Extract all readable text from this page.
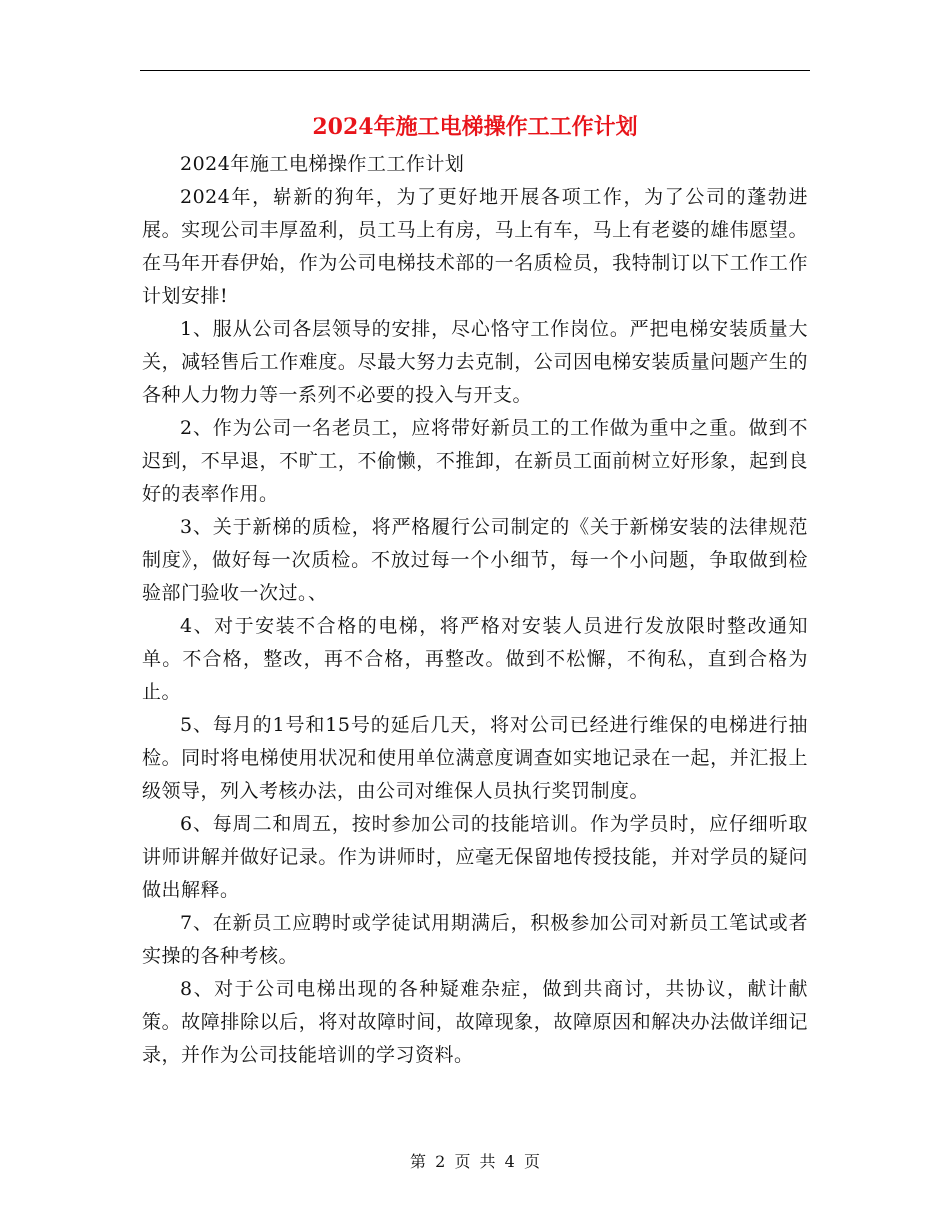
2024年施工电梯操作工工作计划

2024年施工电梯操作工工作计划

2024年，崭新的狗年，为了更好地开展各项工作，为了公司的蓬勃进展。实现公司丰厚盈利，员工马上有房，马上有车，马上有老婆的雄伟愿望。在马年开春伊始，作为公司电梯技术部的一名质检员，我特制订以下工作工作计划安排!

1、服从公司各层领导的安排，尽心恪守工作岗位。严把电梯安装质量大关，减轻售后工作难度。尽最大努力去克制，公司因电梯安装质量问题产生的各种人力物力等一系列不必要的投入与开支。

2、作为公司一名老员工，应将带好新员工的工作做为重中之重。做到不迟到，不早退，不旷工，不偷懒，不推卸，在新员工面前树立好形象，起到良好的表率作用。

3、关于新梯的质检，将严格履行公司制定的《关于新梯安装的法律规范制度》，做好每一次质检。不放过每一个小细节，每一个小问题，争取做到检验部门验收一次过。、

4、对于安装不合格的电梯，将严格对安装人员进行发放限时整改通知单。不合格，整改，再不合格，再整改。做到不松懈，不徇私，直到合格为止。

5、每月的1号和15号的延后几天，将对公司已经进行维保的电梯进行抽检。同时将电梯使用状况和使用单位满意度调查如实地记录在一起，并汇报上级领导，列入考核办法，由公司对维保人员执行奖罚制度。

6、每周二和周五，按时参加公司的技能培训。作为学员时，应仔细听取讲师讲解并做好记录。作为讲师时，应毫无保留地传授技能，并对学员的疑问做出解释。

7、在新员工应聘时或学徒试用期满后，积极参加公司对新员工笔试或者实操的各种考核。

8、对于公司电梯出现的各种疑难杂症，做到共商讨，共协议，献计献策。故障排除以后，将对故障时间，故障现象，故障原因和解决办法做详细记录，并作为公司技能培训的学习资料。

第 2 页 共 4 页
